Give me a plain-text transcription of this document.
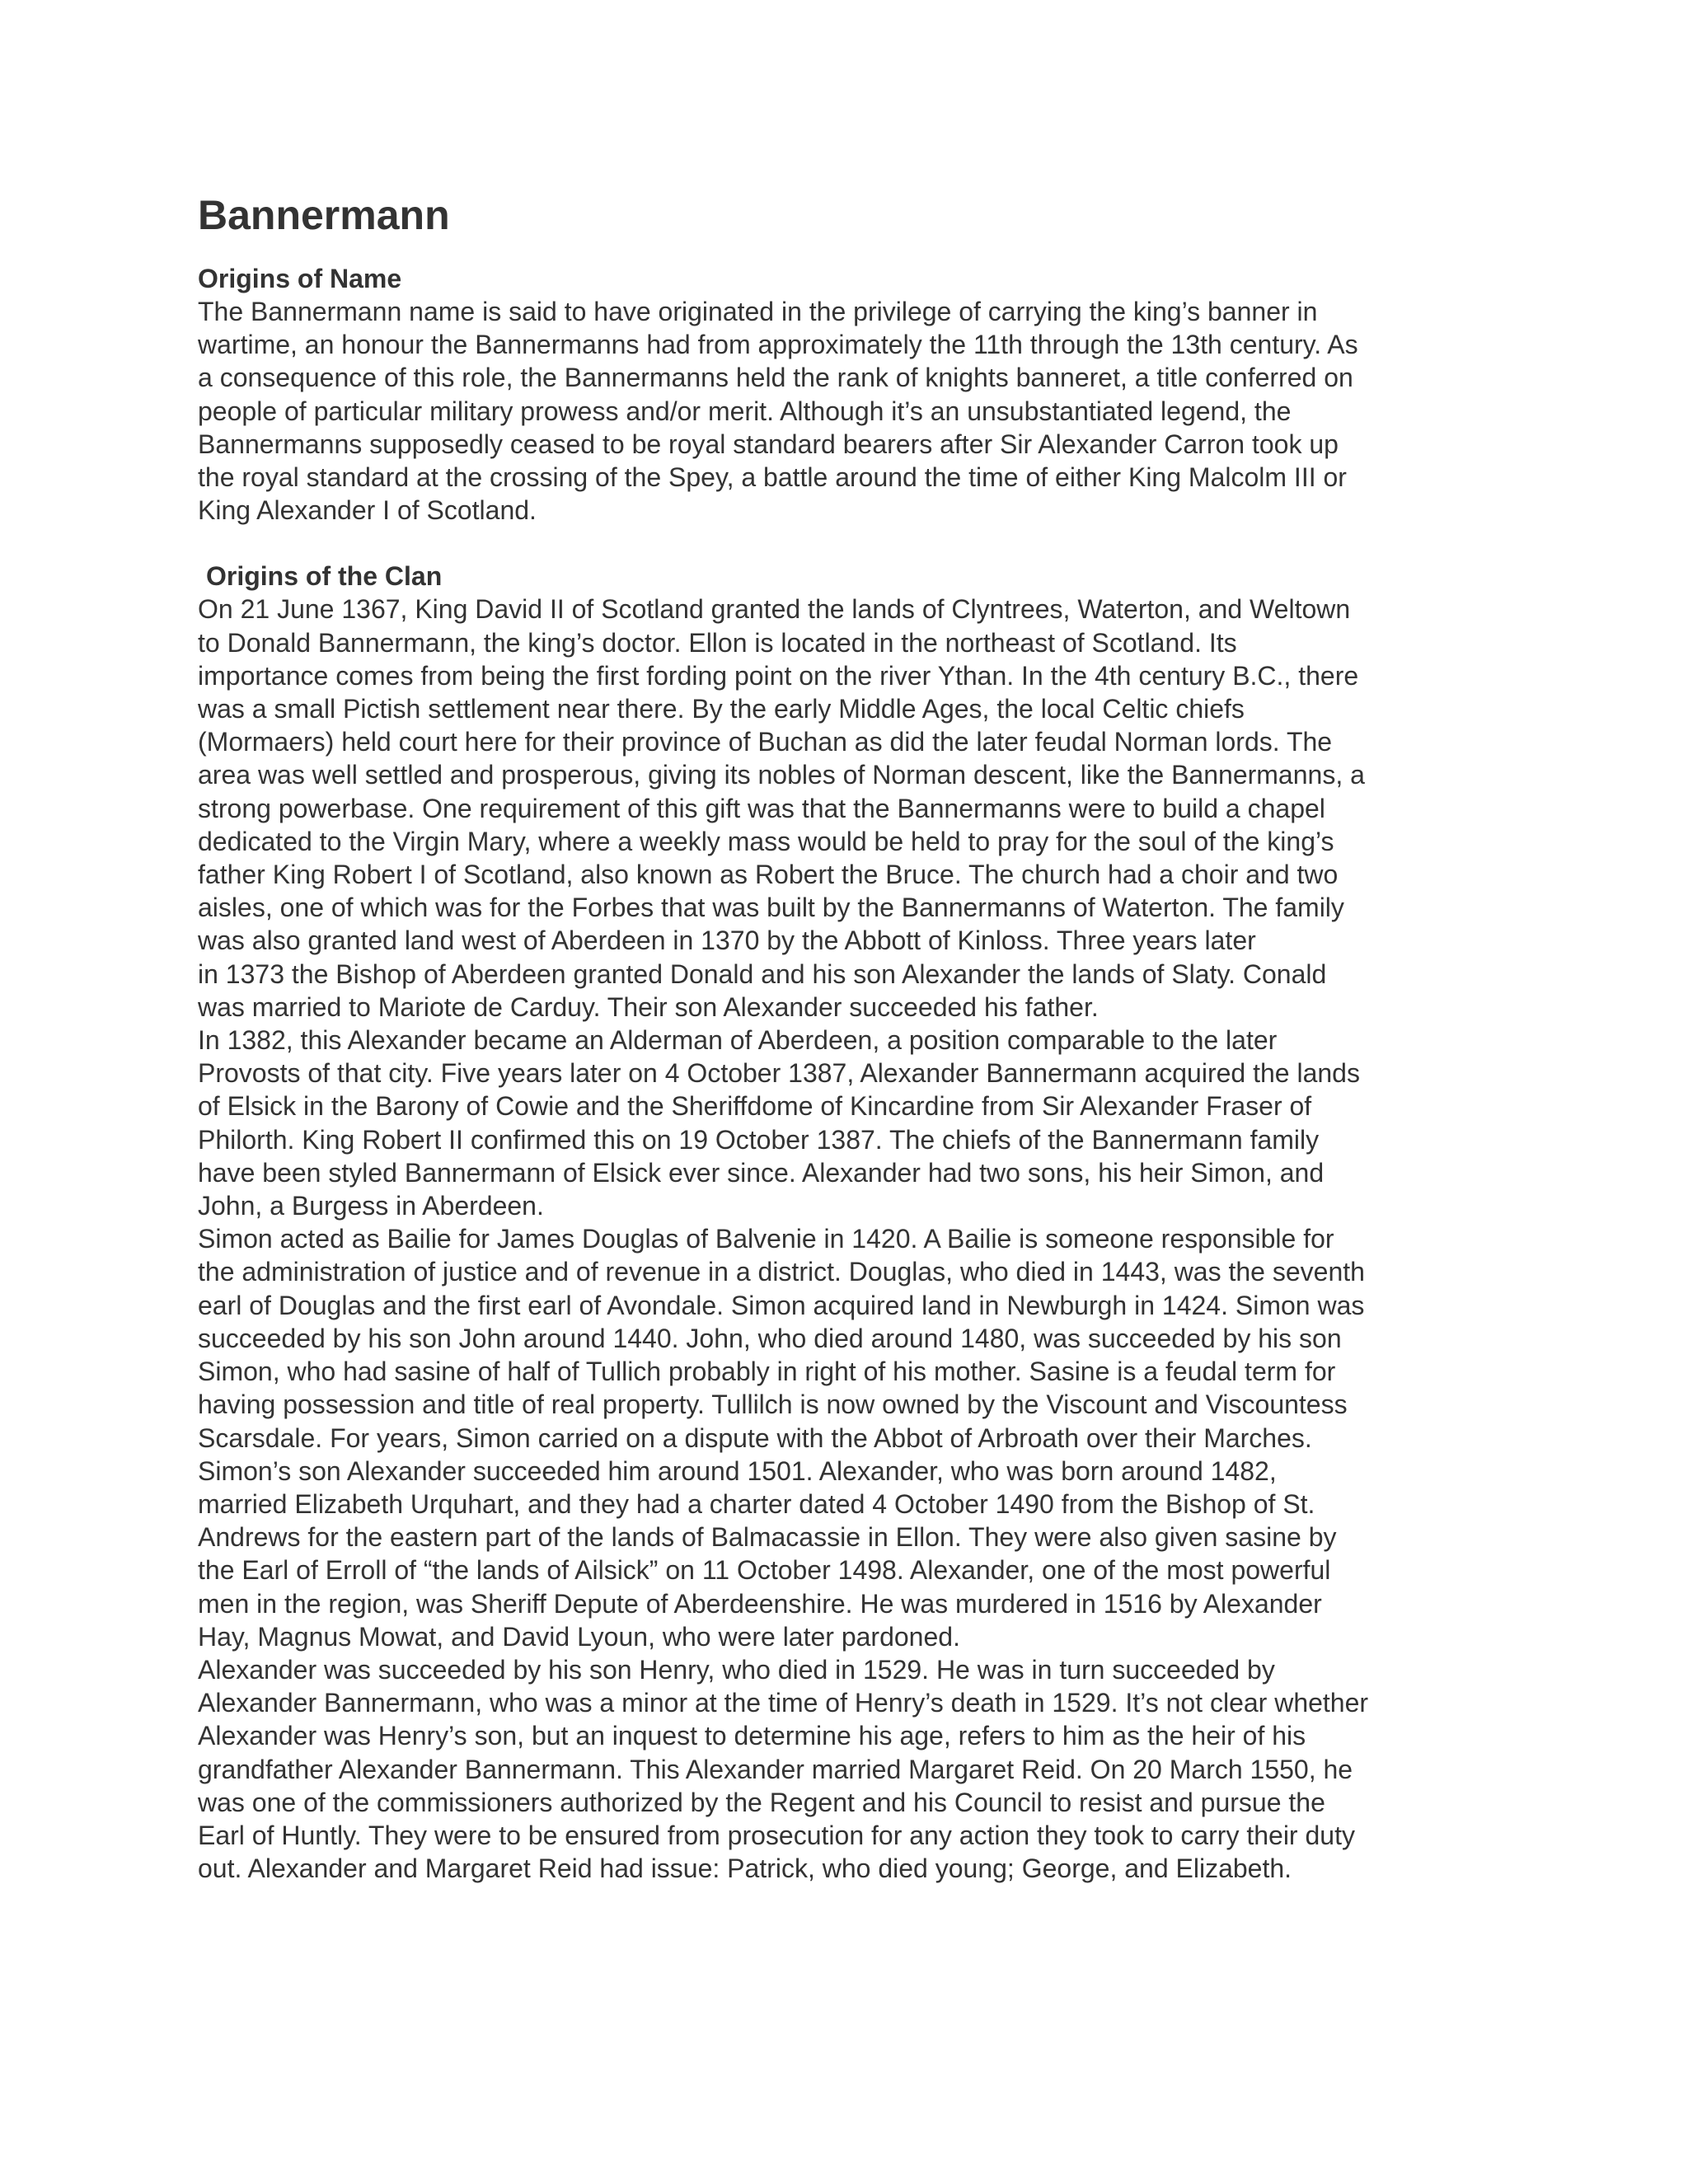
Bannermann
Origins of Name

The Bannermann name is said to have originated in the privilege of carrying the king’s banner in
wartime, an honour the Bannermanns had from approximately the 11th through the 13th century. As
a consequence of this role, the Bannermanns held the rank of knights banneret, a title conferred on
people of particular military prowess and/or merit. Although it’s an unsubstantiated legend, the
Bannermanns supposedly ceased to be royal standard bearers after Sir Alexander Carron took up
the royal standard at the crossing of the Spey, a battle around the time of either King Malcolm III or
King Alexander I of Scotland.

Origins of the Clan

On 21 June 1367, King David II of Scotland granted the lands of Clyntrees, Waterton, and Weltown
to Donald Bannermann, the king’s doctor. Ellon is located in the northeast of Scotland. Its
importance comes from being the first fording point on the river Ythan. In the 4th century B.C., there
was a small Pictish settlement near there. By the early Middle Ages, the local Celtic chiefs
(Mormaers) held court here for their province of Buchan as did the later feudal Norman lords. The
area was well settled and prosperous, giving its nobles of Norman descent, like the Bannermanns, a
strong powerbase. One requirement of this gift was that the Bannermanns were to build a chapel
dedicated to the Virgin Mary, where a weekly mass would be held to pray for the soul of the king’s
father King Robert I of Scotland, also known as Robert the Bruce. The church had a choir and two
aisles, one of which was for the Forbes that was built by the Bannermanns of Waterton. The family
was also granted land west of Aberdeen in 1370 by the Abbott of Kinloss. Three years later
in 1373 the Bishop of Aberdeen granted Donald and his son Alexander the lands of Slaty. Conald
was married to Mariote de Carduy. Their son Alexander succeeded his father.

In 1382, this Alexander became an Alderman of Aberdeen, a position comparable to the later
Provosts of that city. Five years later on 4 October 1387, Alexander Bannermann acquired the lands
of Elsick in the Barony of Cowie and the Sheriffdome of Kincardine from Sir Alexander Fraser of
Philorth. King Robert II confirmed this on 19 October 1387. The chiefs of the Bannermann family
have been styled Bannermann of Elsick ever since. Alexander had two sons, his heir Simon, and
John, a Burgess in Aberdeen.

Simon acted as Bailie for James Douglas of Balvenie in 1420. A Bailie is someone responsible for
the administration of justice and of revenue in a district. Douglas, who died in 1443, was the seventh
earl of Douglas and the first earl of Avondale. Simon acquired land in Newburgh in 1424. Simon was
succeeded by his son John around 1440. John, who died around 1480, was succeeded by his son
Simon, who had sasine of half of Tullich probably in right of his mother. Sasine is a feudal term for
having possession and title of real property. Tullilch is now owned by the Viscount and Viscountess
Scarsdale. For years, Simon carried on a dispute with the Abbot of Arbroath over their Marches.

Simon’s son Alexander succeeded him around 1501. Alexander, who was born around 1482,
married Elizabeth Urquhart, and they had a charter dated 4 October 1490 from the Bishop of St.
Andrews for the eastern part of the lands of Balmacassie in Ellon. They were also given sasine by
the Earl of Erroll of “the lands of Ailsick” on 11 October 1498. Alexander, one of the most powerful
men in the region, was Sheriff Depute of Aberdeenshire. He was murdered in 1516 by Alexander
Hay, Magnus Mowat, and David Lyoun, who were later pardoned.

Alexander was succeeded by his son Henry, who died in 1529. He was in turn succeeded by
Alexander Bannermann, who was a minor at the time of Henry’s death in 1529. It’s not clear whether
Alexander was Henry’s son, but an inquest to determine his age, refers to him as the heir of his
grandfather Alexander Bannermann. This Alexander married Margaret Reid. On 20 March 1550, he
was one of the commissioners authorized by the Regent and his Council to resist and pursue the
Earl of Huntly. They were to be ensured from prosecution for any action they took to carry their duty
out. Alexander and Margaret Reid had issue: Patrick, who died young; George, and Elizabeth.
